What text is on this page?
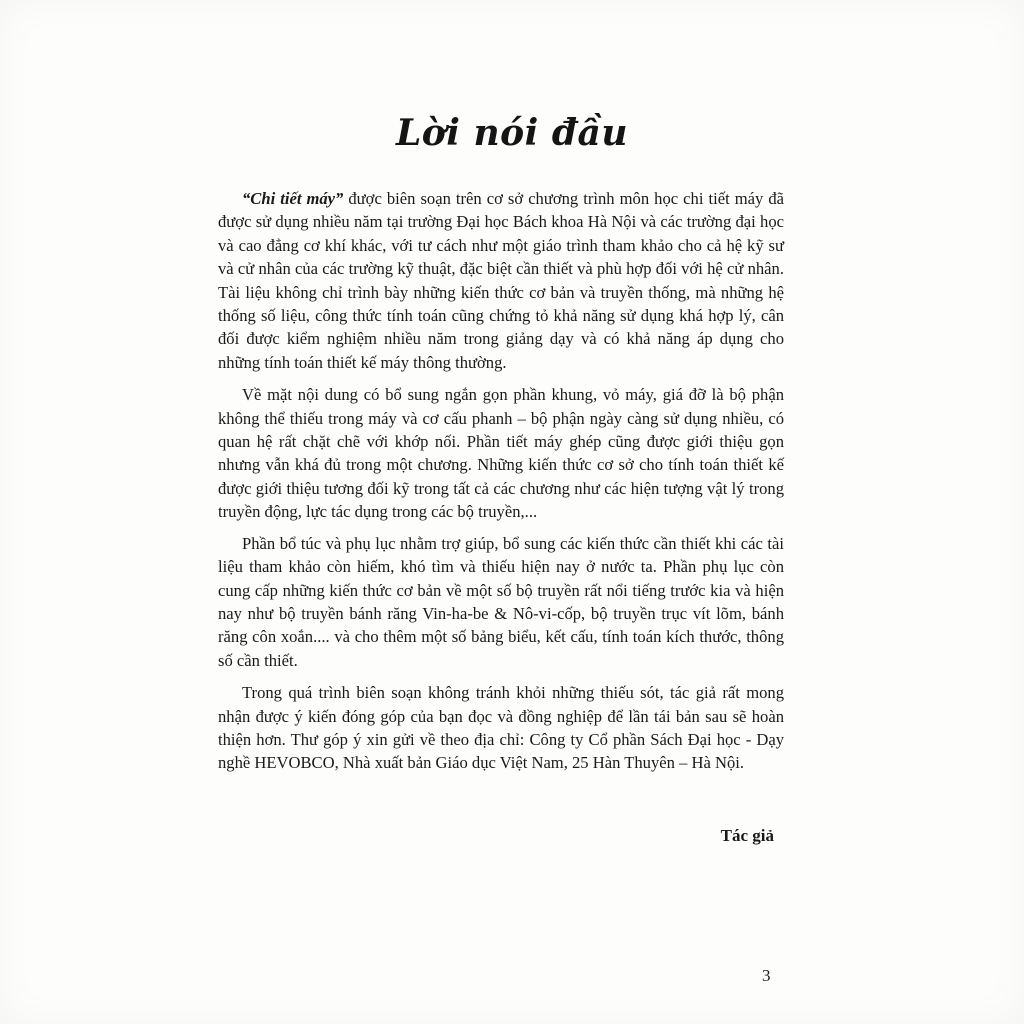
Lời nói đầu

“Chi tiết máy” được biên soạn trên cơ sở chương trình môn học chi tiết máy đã được sử dụng nhiều năm tại trường Đại học Bách khoa Hà Nội và các trường đại học và cao đẳng cơ khí khác, với tư cách như một giáo trình tham khảo cho cả hệ kỹ sư và cử nhân của các trường kỹ thuật, đặc biệt cần thiết và phù hợp đối với hệ cử nhân. Tài liệu không chỉ trình bày những kiến thức cơ bản và truyền thống, mà những hệ thống số liệu, công thức tính toán cũng chứng tỏ khả năng sử dụng khá hợp lý, cân đối được kiểm nghiệm nhiều năm trong giảng dạy và có khả năng áp dụng cho những tính toán thiết kế máy thông thường.

Về mặt nội dung có bổ sung ngắn gọn phần khung, vỏ máy, giá đỡ là bộ phận không thể thiếu trong máy và cơ cấu phanh – bộ phận ngày càng sử dụng nhiều, có quan hệ rất chặt chẽ với khớp nối. Phần tiết máy ghép cũng được giới thiệu gọn nhưng vẫn khá đủ trong một chương. Những kiến thức cơ sở cho tính toán thiết kế được giới thiệu tương đối kỹ trong tất cả các chương như các hiện tượng vật lý trong truyền động, lực tác dụng trong các bộ truyền,...

Phần bổ túc và phụ lục nhằm trợ giúp, bổ sung các kiến thức cần thiết khi các tài liệu tham khảo còn hiếm, khó tìm và thiếu hiện nay ở nước ta. Phần phụ lục còn cung cấp những kiến thức cơ bản về một số bộ truyền rất nổi tiếng trước kia và hiện nay như bộ truyền bánh răng Vin-ha-be & Nô-vi-cốp, bộ truyền trục vít lõm, bánh răng côn xoắn.... và cho thêm một số bảng biểu, kết cấu, tính toán kích thước, thông số cần thiết.

Trong quá trình biên soạn không tránh khỏi những thiếu sót, tác giả rất mong nhận được ý kiến đóng góp của bạn đọc và đồng nghiệp để lần tái bản sau sẽ hoàn thiện hơn. Thư góp ý xin gửi về theo địa chỉ: Công ty Cổ phần Sách Đại học - Dạy nghề HEVOBCO, Nhà xuất bản Giáo dục Việt Nam, 25 Hàn Thuyên – Hà Nội.

Tác giả
3
